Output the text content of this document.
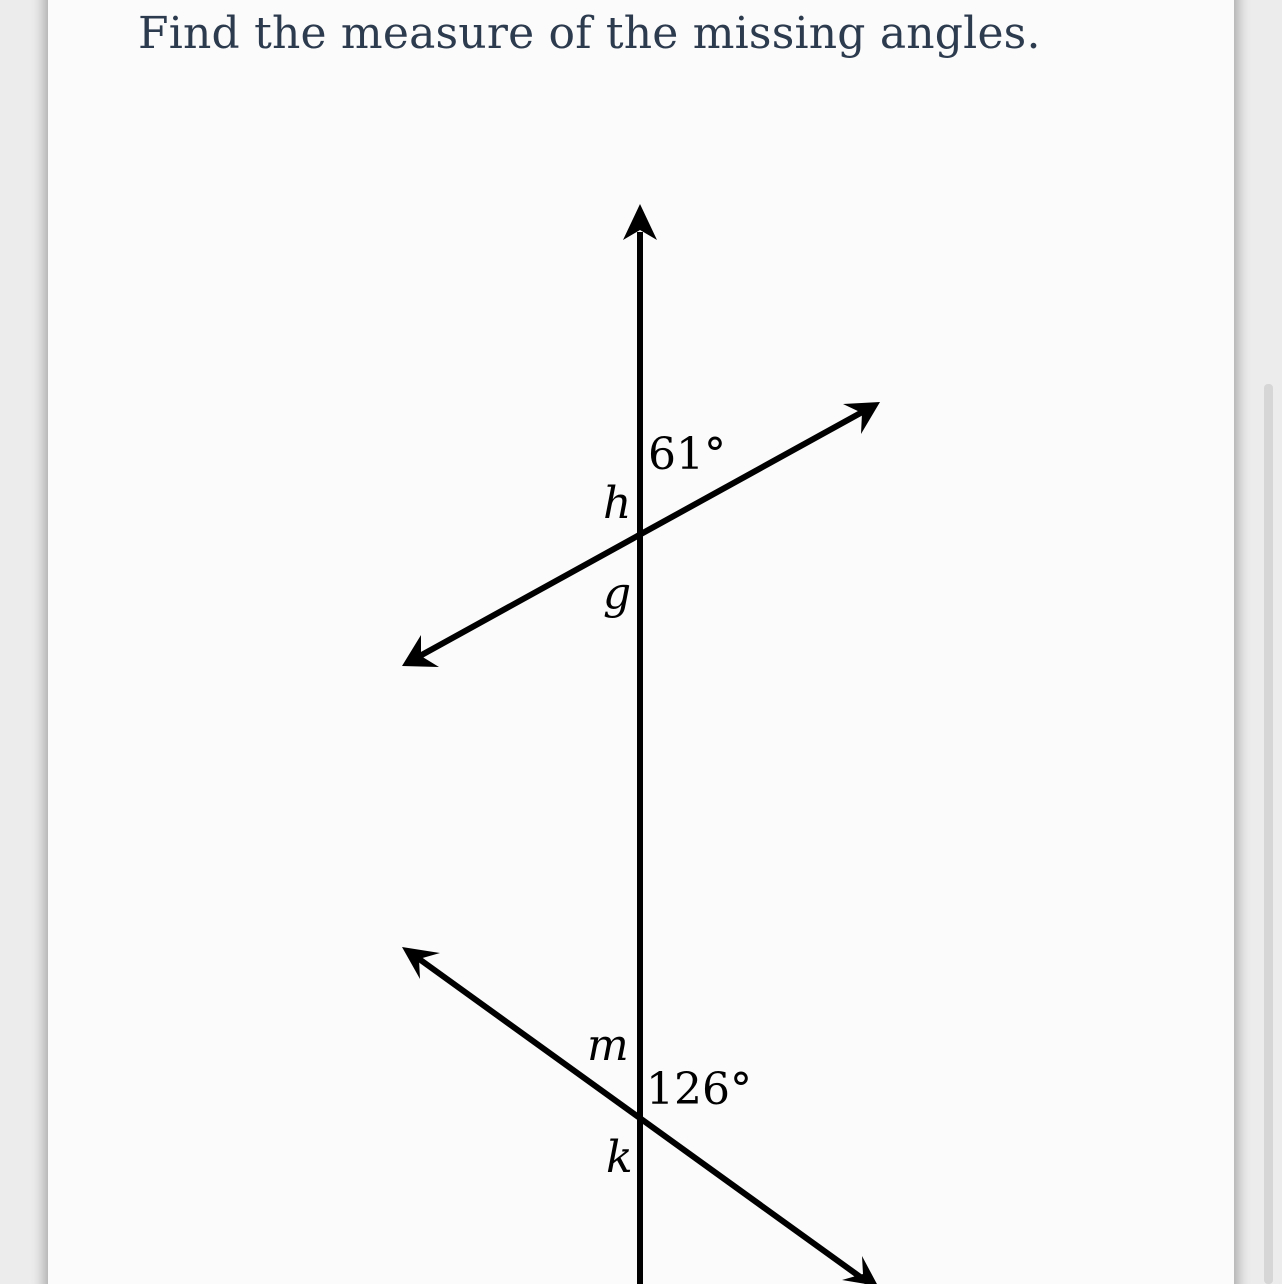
Find the measure of the missing angles.
61°
h
g
m
126°
k
